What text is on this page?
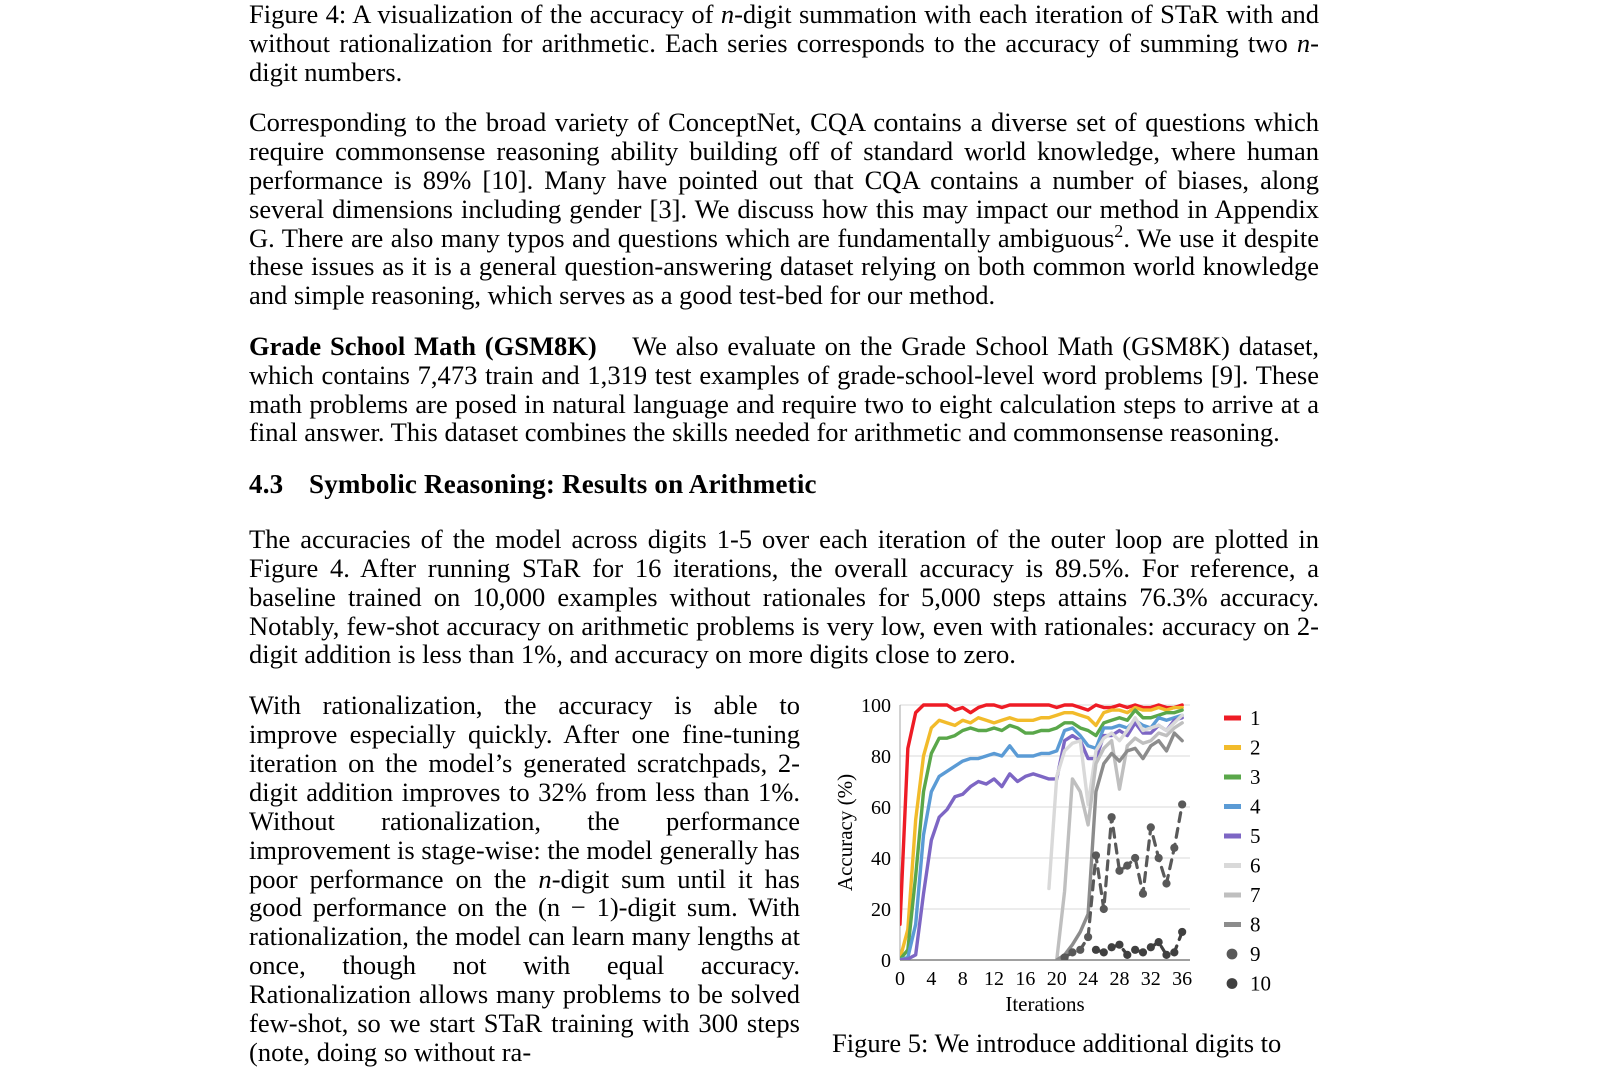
Figure 4: A visualization of the accuracy of n-digit summation with each iteration of STaR with and without rationalization for arithmetic. Each series corresponds to the accuracy of summing two n-digit numbers.

Corresponding to the broad variety of ConceptNet, CQA contains a diverse set of questions which require commonsense reasoning ability building off of standard world knowledge, where human performance is 89% [10]. Many have pointed out that CQA contains a number of biases, along several dimensions including gender [3]. We discuss how this may impact our method in Appendix G. There are also many typos and questions which are fundamentally ambiguous$^2$. We use it despite these issues as it is a general question-answering dataset relying on both common world knowledge and simple reasoning, which serves as a good test-bed for our method.

Grade School Math (GSM8K) We also evaluate on the Grade School Math (GSM8K) dataset, which contains 7,473 train and 1,319 test examples of grade-school-level word problems [9]. These math problems are posed in natural language and require two to eight calculation steps to arrive at a final answer. This dataset combines the skills needed for arithmetic and commonsense reasoning.

4.3 Symbolic Reasoning: Results on Arithmetic

The accuracies of the model across digits 1-5 over each iteration of the outer loop are plotted in Figure 4. After running STaR for 16 iterations, the overall accuracy is 89.5%. For reference, a baseline trained on 10,000 examples without rationales for 5,000 steps attains 76.3% accuracy. Notably, few-shot accuracy on arithmetic problems is very low, even with rationales: accuracy on 2-digit addition is less than 1%, and accuracy on more digits close to zero.

With rationalization, the accuracy is able to improve especially quickly. After one fine-tuning iteration on the model’s generated scratchpads, 2-digit addition improves to 32% from less than 1%. Without rationalization, the performance improvement is stage-wise: the model generally has poor performance on the n-digit sum until it has good performance on the (n − 1)-digit sum. With rationalization, the model can learn many lengths at once, though not with equal accuracy. Rationalization allows many problems to be solved few-shot, so we start STaR training with 300 steps (note, doing so without ra-

0
20
40
60
80
100
0 4 8 12 16 20 24 28 32 36
Iterations
Accuracy (%)
1
2
3
4
5
6
7
8
9
10
Figure 5: We introduce additional digits to
